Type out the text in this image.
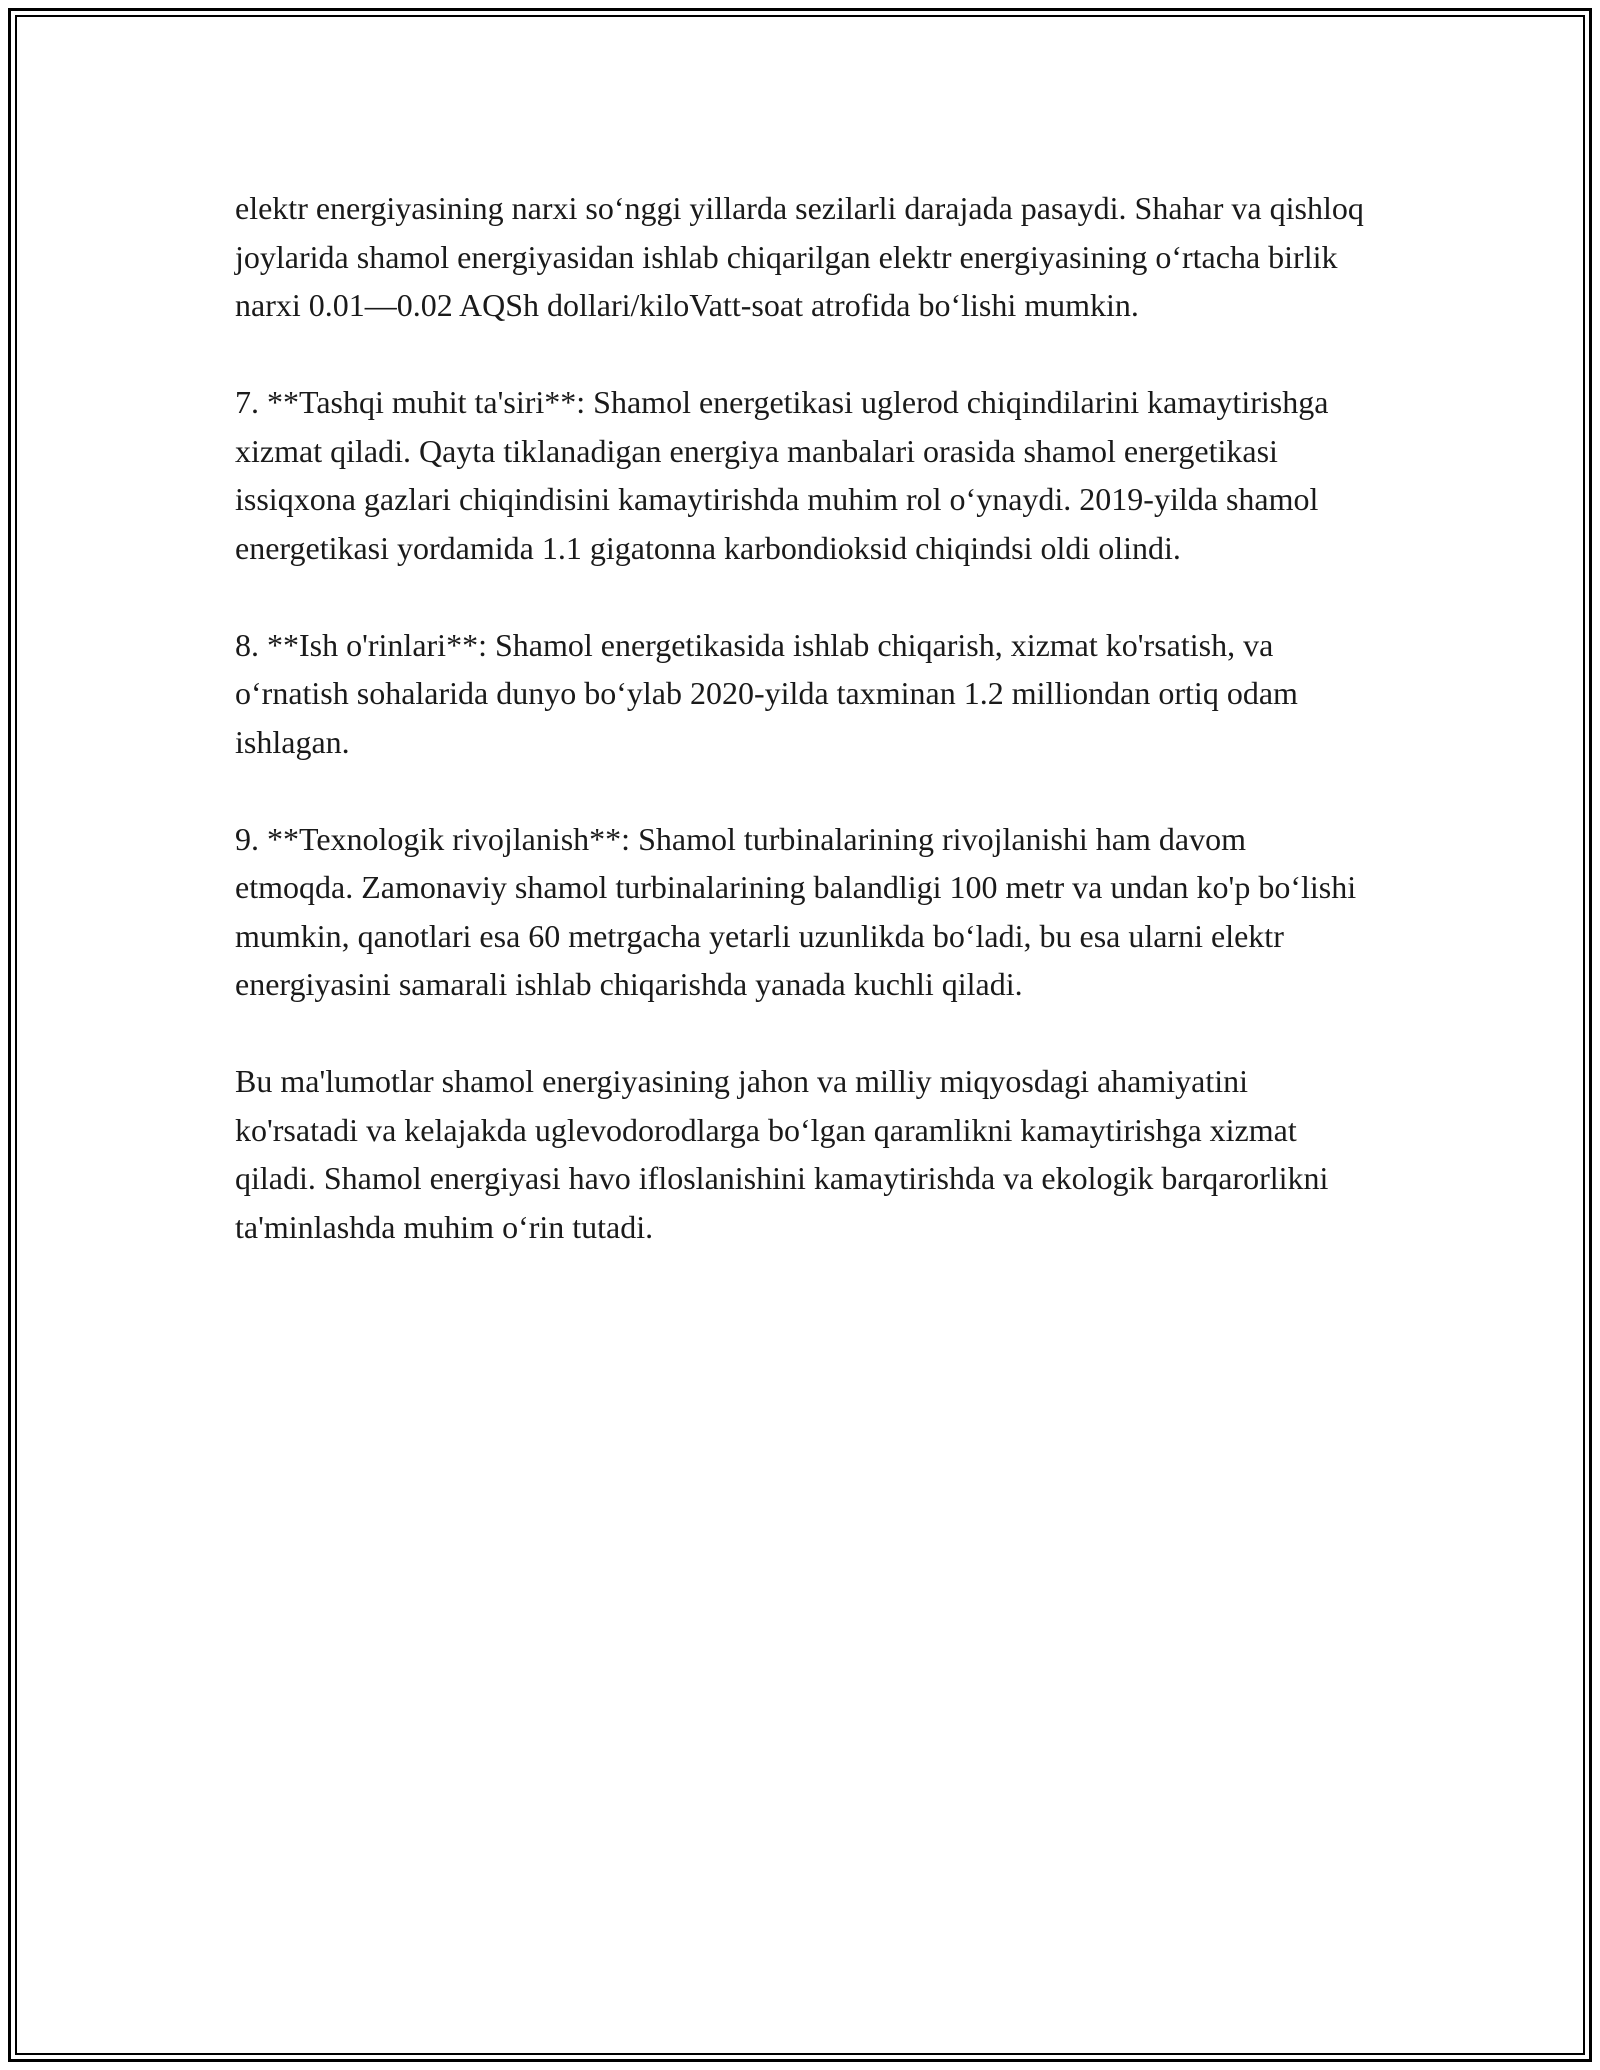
elektr energiyasining narxi so‘nggi yillarda sezilarli darajada pasaydi. Shahar va qishloq joylarida shamol energiyasidan ishlab chiqarilgan elektr energiyasining o‘rtacha birlik narxi 0.01—0.02 AQSh dollari/kiloVatt-soat atrofida bo‘lishi mumkin.

7. **Tashqi muhit ta'siri**: Shamol energetikasi uglerod chiqindilarini kamaytirishga xizmat qiladi. Qayta tiklanadigan energiya manbalari orasida shamol energetikasi issiqxona gazlari chiqindisini kamaytirishda muhim rol o‘ynaydi. 2019-yilda shamol energetikasi yordamida 1.1 gigatonna karbondioksid chiqindsi oldi olindi.

8. **Ish o'rinlari**: Shamol energetikasida ishlab chiqarish, xizmat ko'rsatish, va o‘rnatish sohalarida dunyo bo‘ylab 2020-yilda taxminan 1.2 milliondan ortiq odam ishlagan.

9. **Texnologik rivojlanish**: Shamol turbinalarining rivojlanishi ham davom etmoqda. Zamonaviy shamol turbinalarining balandligi 100 metr va undan ko'p bo‘lishi mumkin, qanotlari esa 60 metrgacha yetarli uzunlikda bo‘ladi, bu esa ularni elektr energiyasini samarali ishlab chiqarishda yanada kuchli qiladi.

Bu ma'lumotlar shamol energiyasining jahon va milliy miqyosdagi ahamiyatini ko'rsatadi va kelajakda uglevodorodlarga bo‘lgan qaramlikni kamaytirishga xizmat qiladi. Shamol energiyasi havo ifloslanishini kamaytirishda va ekologik barqarorlikni ta'minlashda muhim o‘rin tutadi.
